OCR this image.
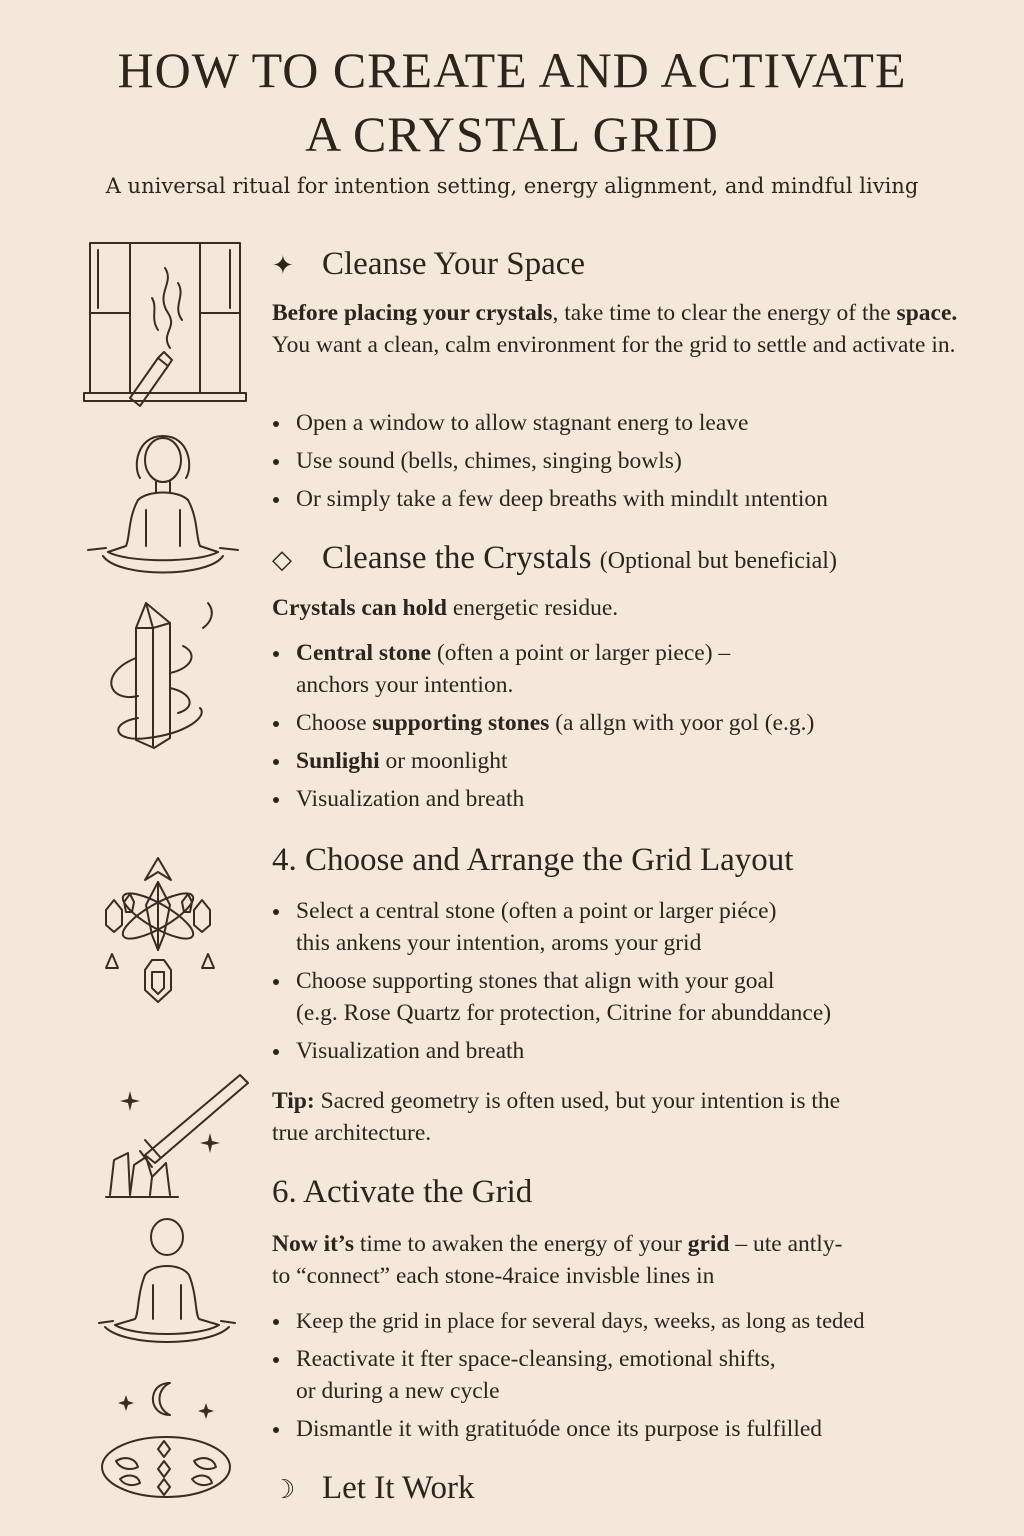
HOW TO CREATE AND ACTIVATE
A CRYSTAL GRID
A universal ritual for intention setting, energy alignment, and mindful living
✦ Cleanse Your Space
Before placing your crystals, take time to clear the energy of the space. You want a clean, calm environment for the grid to settle and activate in.
Open a window to allow stagnant energ to leave
Use sound (bells, chimes, singing bowls)
Or simply take a few deep breaths with mindılt ıntention
◇ Cleanse the Crystals (Optional but beneficial)
Crystals can hold energetic residue.
Central stone (often a point or larger piece) –
anchors your intention.
Choose supporting stones (a allgn with yoor gol (e.g.)
Sunlighi or moonlight
Visualization and breath
4. Choose and Arrange the Grid Layout
Select a central stone (often a point or larger piéce)
this ankens your intention, aroms your grid
Choose supporting stones that align with your goal
(e.g. Rose Quartz for protection, Citrine for abunddance)
Visualization and breath
Tip: Sacred geometry is often used, but your intention is the
true architecture.
6. Activate the Grid
Now it’s time to awaken the energy of your grid – ute antly-
to “connect” each stone-4raice invisble lines in
Keep the grid in place for several days, weeks, as long as teded
Reactivate it fter space-cleansing, emotional shifts,
or during a new cycle
Dismantle it with gratituóde once its purpose is fulfilled
☽ Let It Work
